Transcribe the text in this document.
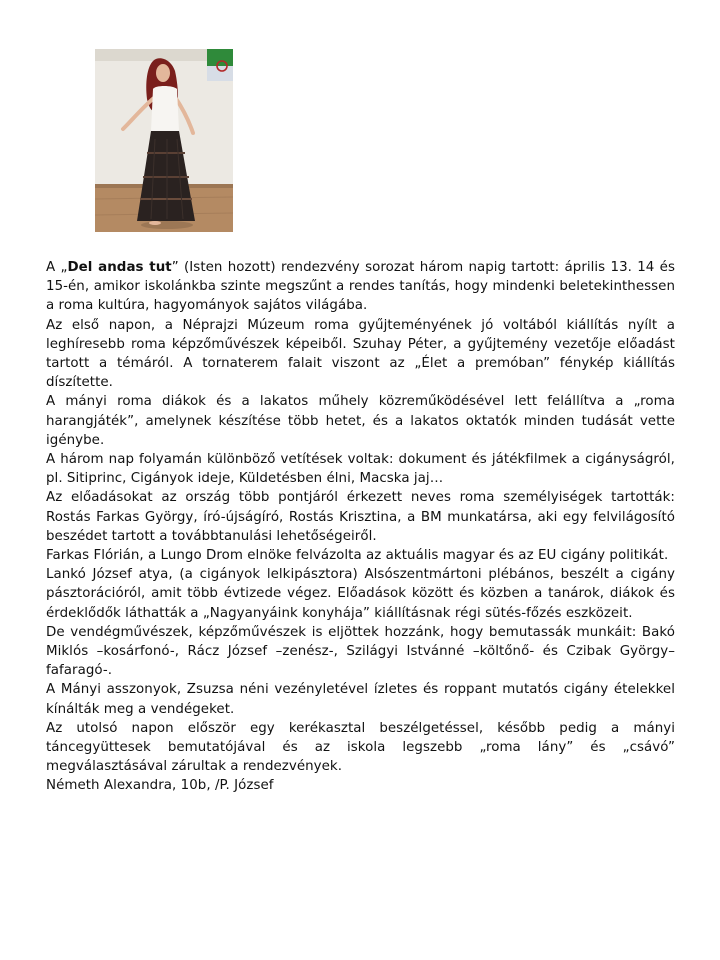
A „Del andas tut” (Isten hozott) rendezvény sorozat három napig tartott: április 13. 14 és 15-én, amikor iskolánkba szinte megszűnt a rendes tanítás, hogy mindenki beletekinthessen a roma kultúra, hagyományok sajátos világába.

Az első napon, a Néprajzi Múzeum roma gyűjteményének jó voltából kiállítás nyílt a leghíresebb roma képzőművészek képeiből. Szuhay Péter, a gyűjtemény vezetője előadást tartott a témáról. A tornaterem falait viszont az „Élet a premóban” fénykép kiállítás díszítette.

A mányi roma diákok és a lakatos műhely közreműködésével lett felállítva a „roma harangjáték”, amelynek készítése több hetet, és a lakatos oktatók minden tudását vette igénybe.

A három nap folyamán különböző vetítések voltak: dokument és játékfilmek a cigányságról, pl. Sitiprinc, Cigányok ideje, Küldetésben élni, Macska jaj…

Az előadásokat az ország több pontjáról érkezett neves roma személyiségek tartották: Rostás Farkas György, író-újságíró, Rostás Krisztina, a BM munkatársa, aki egy felvilágosító beszédet tartott a továbbtanulási lehetőségeiről.

Farkas Flórián, a Lungo Drom elnöke felvázolta az aktuális magyar és az EU cigány politikát.

Lankó József atya, (a cigányok lelkipásztora) Alsószentmártoni plébános, beszélt a cigány pásztorációról, amit több évtizede végez. Előadások között és közben a tanárok, diákok és érdeklődők láthatták a „Nagyanyáink konyhája” kiállításnak régi sütés-főzés eszközeit.

De vendégművészek, képzőművészek is eljöttek hozzánk, hogy bemutassák munkáit: Bakó Miklós –kosárfonó-, Rácz József –zenész-, Szilágyi Istvánné –költőnő- és Czibak György–fafaragó-.

A Mányi asszonyok, Zsuzsa néni vezényletével ízletes és roppant mutatós cigány ételekkel kínálták meg a vendégeket.

Az utolsó napon először egy kerékasztal beszélgetéssel, később pedig a mányi táncegyüttesek bemutatójával és az iskola legszebb „roma lány” és „csávó” megválasztásával zárultak a rendezvények.

Németh Alexandra, 10b, /P. József
